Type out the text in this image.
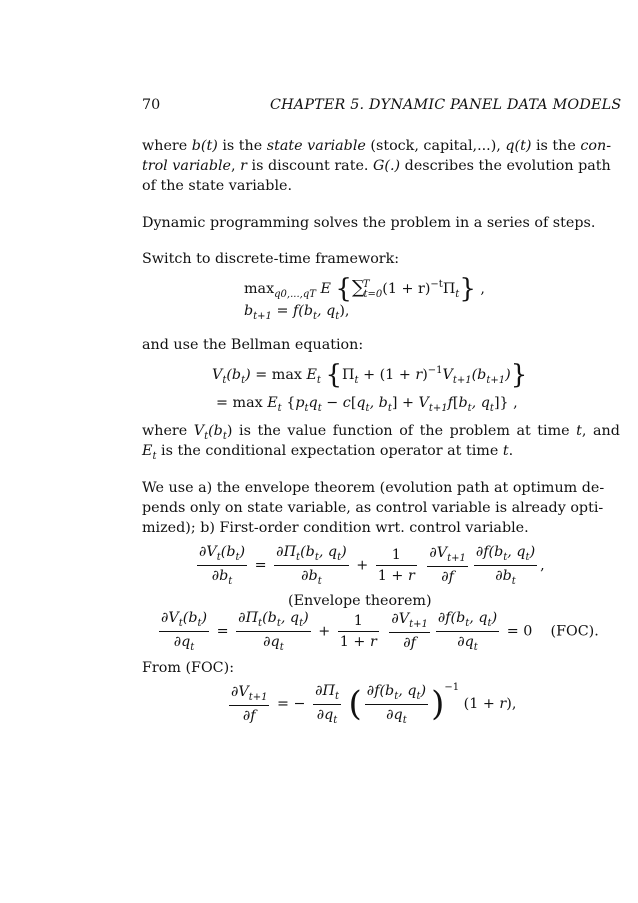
70	CHAPTER 5. DYNAMIC PANEL DATA MODELS
where b(t) is the state variable (stock, capital,...), q(t) is the con-
trol variable, r is discount rate. G(.) describes the evolution path
of the state variable.
Dynamic programming solves the problem in a series of steps.
Switch to discrete-time framework:
$\max_{q0,...,qT} E$ $\{\sum^T_{t=0}(1 + r)^{-t}\Pi_t\}$ ,
$b_{t+1} = f(b_t$, $q_t$),
and use the Bellman equation:
$V_t(b_t) = \max E_t$ $\{\Pi_t + (1 + r)^{-1}V_{t+1}(b_{t+1})\}$
= $\max E_t$ {$p_tq_t - c[q_t$, $b_t] + V_{t+1}f[b_t$, $q_t$]} ,
where $V_t(b_t)$ is the value function of the problem at time t, and
$E_t$ is the conditional expectation operator at time t.
We use a) the envelope theorem (evolution path at optimum de-
pends only on state variable, as control variable is already opti-
mized); b) First-order condition wrt. control variable.
$\frac{\partial V_t(b_t)}{\partial b_t} = \frac{\partial\Pi_t(b_t, q_t)}{\partial b_t} + \frac{1}{1 + r}$
$\frac{\partial V_{t+1}}{\partial f} \frac{\partial f(b_t, q_t)}{\partial b_t}$ ,
(Envelope theorem)
$\frac{\partial V_t(b_t)}{\partial q_t} = \frac{\partial\Pi_t(b_t, q_t)}{\partial q_t} + \frac{1}{1 + r}$
$\frac{\partial V_{t+1}}{\partial f} \frac{\partial f(b_t, q_t)}{\partial q_t} = 0$ (FOC).
From (FOC):
$\frac{\partial V_{t+1}}{\partial f}$ = − $\frac{\partial\Pi_t}{\partial q_t}$ ( $\frac{\partial f(b_t, q_t)}{\partial q_t} )^{-1}$ (1 + r),
